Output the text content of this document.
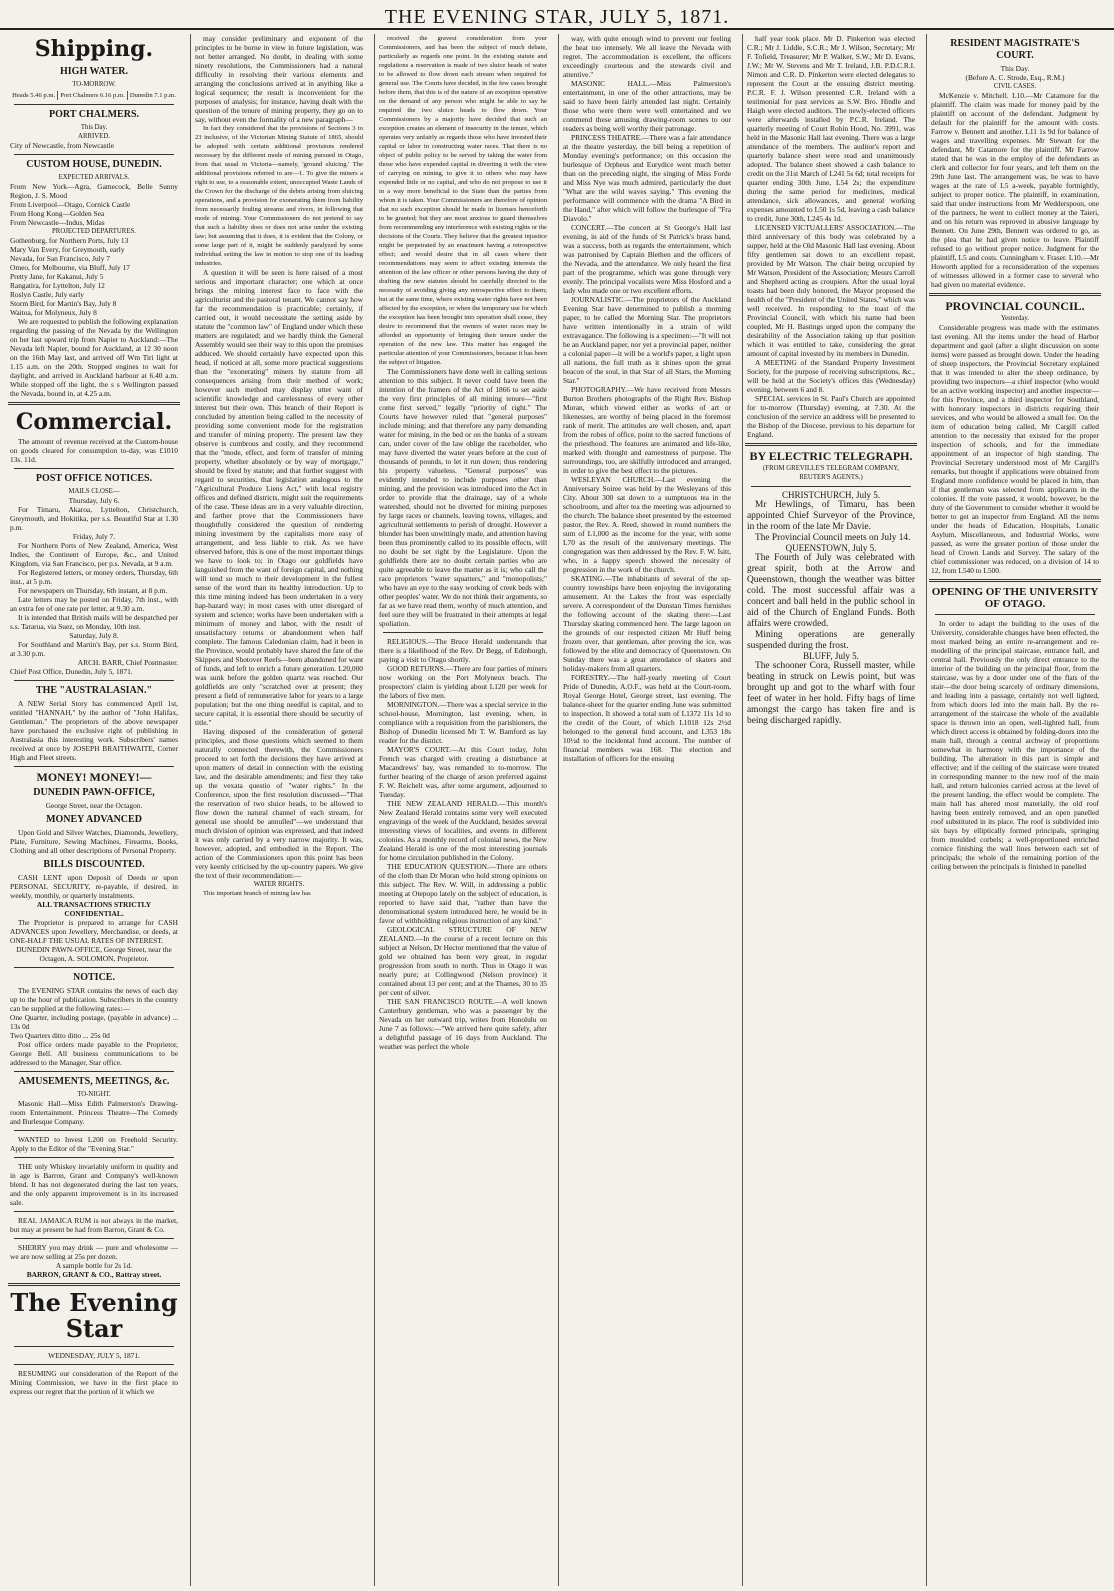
THE EVENING STAR, JULY 5, 1871.
Shipping.
HIGH WATER.
TO-MORROW.
Heads 5.46 p.m. Port Chalmers 6.16 p.m. Dunedin 7.1 p.m.
PORT CHALMERS.
This Day.
ARRIVED.
City of Newcastle, from Newcastle
CUSTOM HOUSE, DUNEDIN.
EXPECTED ARRIVALS.
From New York—Agra, Gamecock, Belle Sunny Region, J. S. Mood
From Liverpool—Otago, Cornick Castle
From Hong Kong—Golden Sea
From Newcastle—Indus, Midas
PROJECTED DEPARTURES.
Gothenburg, for Northern Ports, July 13
Mary Van Every, for Greymouth, early
Nevada, for San Francisco, July 7
Omeo, for Melbourne, via Bluff, July 17
Pretty Jane, for Kakanui, July 5
Rangatira, for Lyttelton, July 12
Roslyn Castle, July early
Storm Bird, for Martin's Bay, July 8
Waitoa, for Molyneux, July 8

We are requested to publish the following explanation regarding the passing of the Nevada by the Wellington on her last upward trip from Napier to Auckland:—The Nevada left Napier, bound for Auckland, at 12 30 noon on the 16th May last, and arrived off Wm Tiri light at 1.15 a.m. on the 20th. Stopped engines to wait for daylight, and arrived in Auckland harbour at 6.40 a.m. While stopped off the light, the s s Wellington passed the Nevada, bound in, at 4.25 a.m.

Commercial.

The amount of revenue received at the Custom-house on goods cleared for consumption to-day, was £1010 13s. 11d.

POST OFFICE NOTICES.
MAILS CLOSE—
Thursday, July 6.

For Timaru, Akaroa, Lyttelton, Christchurch, Greymouth, and Hokitika, per s.s. Beautiful Star at 1.30 p.m.

Friday, July 7.

For Northern Ports of New Zealand, America, West Indies, the Continent of Europe, &c., and United Kingdom, via San Francisco, per p.s. Nevada, at 9 a.m.

For Registered letters, or money orders, Thursday, 6th inst., at 5 p.m.

For newspapers on Thursday, 6th instant, at 8 p.m.

Late letters may be posted on Friday, 7th inst., with an extra fee of one rate per letter, at 9.30 a.m.

It is intended that British mails will be despatched per s.s. Tararua, via Suez, on Monday, 10th inst.

Saturday, July 8.

For Southland and Martin's Bay, per s.s. Storm Bird, at 3.30 p.m.

ARCH. BARR, Chief Postmaster.
Chief Post Office, Dunedin, July 5, 1871.
THE "AUSTRALASIAN."

A NEW Serial Story has commenced April 1st, entitled "HANNAH," by the author of "John Halifax, Gentleman." The proprietors of the above newspaper have purchased the exclusive right of publishing in Australasia this interesting work. Subscribers' names received at once by JOSEPH BRAITHWAITE, Corner High and Fleet streets.

MONEY! MONEY!—
DUNEDIN PAWN-OFFICE,
George Street, near the Octagon.
MONEY ADVANCED

Upon Gold and Silver Watches, Diamonds, Jewellery, Plate, Furniture, Sewing Machines, Firearms, Books, Clothing and all other descriptions of Personal Property.

BILLS DISCOUNTED.

CASH LENT upon Deposit of Deeds or upon PERSONAL SECURITY, re-payable, if desired, in weekly, monthly, or quarterly instalments.

ALL TRANSACTIONS STRICTLY CONFIDENTIAL.

The Proprietor is prepared to arrange for CASH ADVANCES upon Jewellery, Merchandise, or deeds, at ONE-HALF THE USUAL RATES OF INTEREST.

DUNEDIN PAWN-OFFICE, George Street, near the Octagon, A. SOLOMON, Proprietor.
NOTICE.

The EVENING STAR contains the news of each day up to the hour of publication. Subscribers in the country can be supplied at the following rates:—

One Quarter, including postage, (payable in advance) ... 13s 0d
Two Quarters ditto ditto ... 25s 0d

Post office orders made payable to the Proprietor, George Bell. All business communications to be addressed to the Manager, Star office.

AMUSEMENTS, MEETINGS, &c.
TO-NIGHT.

Masonic Hall—Miss Edith Palmerston's Drawing-room Entertainment. Princess Theatre—The Comedy and Burlesque Company.

WANTED to Invest L200 on Freehold Security. Apply to the Editor of the "Evening Star."

THE only Whiskey invariably uniform in quality and in age is Barron, Grant and Company's well-known blend. It has not degenerated during the last ten years, and the only apparent improvement is in its increased sale.

REAL JAMAICA RUM is not always in the market, but may at present be had from Barron, Grant & Co.

SHERRY you may drink — pure and wholesome — we are now selling at 25s per dozen.

A sample bottle for 2s 1d.
BARRON, GRANT & CO., Rattray street.
The Evening Star
WEDNESDAY, JULY 5, 1871.

RESUMING our consideration of the Report of the Mining Commission, we have in the first place to express our regret that the portion of it which we

may consider preliminary and exponent of the principles to be borne in view in future legislation, was not better arranged. No doubt, in dealing with some ninety resolutions, the Commissioners had a natural difficulty in resolving their various elements and arranging the conclusions arrived at in anything like a logical sequence; the result is inconvenient for the purposes of analysis; for instance, having dealt with the question of the tenure of mining property, they go on to say, without even the formality of a new paragraph—

In fact they considered that the provisions of Sections 3 to 23 inclusive, of the Victorian Mining Statute of 1865, should be adopted with certain additional provisions rendered necessary by the different mode of mining pursued in Otago, from that usual in Victoria—namely, 'ground sluicing.' The additional provisions referred to are—1. To give the miners a right to use, to a reasonable extent, unoccupied Waste Lands of the Crown for the discharge of the debris arising from sluicing operations, and a provision for exonerating them from liability from necessarily fouling streams and rivers, in following that mode of mining. Your Commissioners do not pretend to say that such a liability does or does not arise under the existing law; but assuming that it does, it is evident that the Colony, or some large part of it, might be suddenly paralyzed by some individual setting the law in motion to stop one of its leading industries.

A question it will be seen is here raised of a most serious and important character; one which at once brings the mining interest face to face with the agriculturist and the pastoral tenant. We cannot say how far the recommendation is practicable; certainly, if carried out, it would necessitate the setting aside by statute the "common law" of England under which these matters are regulated; and we hardly think the General Assembly would see their way to this upon the premises adduced. We should certainly have expected upon this head, if noticed at all, some more practical suggestions than the "exonerating" miners by statute from all consequences arising from their method of work; however such method may display utter want of scientific knowledge and carelessness of every other interest but their own. This branch of their Report is concluded by attention being called to the necessity of providing some convenient mode for the registration and transfer of mining property. The present law they observe is cumbrous and costly, and they recommend that the "mode, effect, and form of transfer of mining property, whether absolutely or by way of mortgage," should be fixed by statute; and that further suggest with regard to securities, that legislation analogous to the "Agricultural Produce Liens Act," with local registry offices and defined districts, might suit the requirements of the case. These ideas are in a very valuable direction, and farther prove that the Commissioners have thoughtfully considered the question of rendering mining investment by the capitalists more easy of arrangement, and less liable to risk. As we have observed before, this is one of the most important things we have to look to; in Otago our goldfields have languished from the want of foreign capital, and nothing will tend so much to their development in the fullest sense of the word than its healthy introduction. Up to this time mining indeed has been undertaken in a very hap-hazard way; in most cases with utter disregard of system and science; works have been undertaken with a minimum of money and labor, with the result of unsatisfactory returns or abandonment when half complete. The famous Caledonian claim, had it been in the Province, would probably have shared the fate of the Skippers and Shotover Reefs—been abandoned for want of funds, and left to enrich a future generation. L20,000 was sunk before the golden quartz was reached. Our goldfields are only "scratched over at present; they present a field of remunerative labor for years to a large population; but the one thing needful is capital, and to secure capital, it is essential there should be security of title."

Having disposed of the consideration of general principles, and those questions which seemed to them naturally connected therewith, the Commissioners proceed to set forth the decisions they have arrived at upon matters of detail in connection with the existing law, and the desirable amendments; and first they take up the vexata questio of "water rights." In the Conference, upon the first resolution discussed—"That the reservation of two sluice heads, to be allowed to flow down the natural channel of each stream, for general use should be annulled"—we understand that much division of opinion was expressed, and that indeed it was only carried by a very narrow majority. It was, however, adopted, and embodied in the Report. The action of the Commissioners upon this point has been very keenly criticised by the up-country papers. We give the text of their recommendation:—

WATER RIGHTS.

This important branch of mining law has

received the gravest consideration from your Commissioners, and has been the subject of much debate, particularly as regards one point. In the existing statute and regulations a reservation is made of two sluice heads of water to be allowed to flow down each stream when required for general use. The Courts have decided, in the few cases brought before them, that this is of the nature of an exception operative on the demand of any person who might be able to say he required the two sluice heads to flow down. Your Commissioners by a majority have decided that such an exception creates an element of insecurity in the tenure, which operates very unfairly as regards those who have invested their capital or labor in constructing water races. That there is no object of public policy to be served by taking the water from those who have expended capital in diverting it with the view of carrying on mining, to give it to others who may have expended little or no capital, and who do not propose to use it in a way more beneficial to the State than the parties from whom it is taken. Your Commissioners are therefore of opinion that no such exception should be made in licenses henceforth to be granted; but they are most anxious to guard themselves from recommending any interference with existing rights or the decisions of the Courts. They believe that the greatest injustice might be perpetrated by an enactment having a retrospective effect; and would desire that in all cases where their recommendations may seem to affect existing interests the attention of the law officer or other persons having the duty of drafting the new statutes should be carefully directed to the necessity of avoiding giving any retrospective effect to them; but at the same time, where existing water rights have not been affected by the exception, or when the temporary use for which the exception has been brought into operation shall cease, they desire to recommend that the owners of water races may be afforded an opportunity of bringing their tenure under the operation of the new law. This matter has engaged the particular attention of your Commissioners, because it has been the subject of litigation.

The Commissioners have done well in calling serious attention to this subject. It never could have been the intention of the framers of the Act of 1866 to set aside the very first principles of all mining tenure—"first come first served," legally "priority of right." The Courts have however ruled that "general purposes" include mining; and that therefore any party demanding water for mining, in the bed or on the banks of a stream can, under cover of the law oblige the raceholder, who may have diverted the water years before at the cost of thousands of pounds, to let it run down; thus rendering his property valueless. "General purposes" was evidently intended to include purposes other than mining, and the provision was introduced into the Act in order to provide that the drainage, say of a whole watershed, should not be diverted for mining purposes by large races or channels, leaving towns, villages, and agricultural settlements to perish of drought. However a blunder has been unwittingly made, and attention having been thus prominently called to its possible effects, will no doubt be set right by the Legislature. Upon the goldfields there are no doubt certain parties who are quite agreeable to leave the matter as it is; who call the race proprietors "water squatters," and "monopolists;" who have an eye to the easy working of creek beds with other peoples' water. We do not think their arguments, so far as we have read them, worthy of much attention, and feel sure they will be frustrated in their attempts at legal spoliation.

RELIGIOUS.—The Bruce Herald understands that there is a likelihood of the Rev. Dr Begg, of Edinburgh, paying a visit to Otago shortly.

GOOD RETURNS.—There are four parties of miners now working on the Port Molyneux beach. The prospectors' claim is yielding about L120 per week for the labors of five men.

MORNINGTON.—There was a special service in the school-house, Mornington, last evening, when, in compliance with a requisition from the parishioners, the Bishop of Dunedin licensed Mr T. W. Bamford as lay reader for the district.

MAYOR'S COURT.—At this Court today, John French was charged with creating a disturbance at Macandrews' bay, was remanded to to-morrow. The further hearing of the charge of arson preferred against F. W. Reichelt was, after some argument, adjourned to Tuesday.

THE NEW ZEALAND HERALD.—This month's New Zealand Herald contains some very well executed engravings of the week of the Auckland, besides several interesting views of localities, and events in different colonies. As a monthly record of colonial news, the New Zealand Herald is one of the most interesting journals for home circulation published in the Colony.

THE EDUCATION QUESTION.—There are others of the cloth than Dr Moran who hold strong opinions on this subject. The Rev. W. Will, in addressing a public meeting at Otepopo lately on the subject of education, is reported to have said that, "rather than have the denominational system introduced here, he would be in favor of withholding religious instruction of any kind."

GEOLOGICAL STRUCTURE OF NEW ZEALAND.—In the course of a recent lecture on this subject at Nelson, Dr Hector mentioned that the value of gold we obtained has been very great, in regular progression from south to north. Thus in Otago it was nearly pure; at Collingwood (Nelson province) it contained about 13 per cent; and at the Thames, 30 to 35 per cent of silver.

THE SAN FRANCISCO ROUTE.—A well known Canterbury gentleman, who was a passenger by the Nevada on her outward trip, writes from Honolulu on June 7 as follows:—"We arrived here quite safely, after a delightful passage of 16 days from Auckland. The weather was perfect the whole

way, with quite enough wind to prevent our feeling the heat too intensely. We all leave the Nevada with regret. The accommodation is excellent, the officers exceedingly courteous and the stewards civil and attentive."

MASONIC HALL.—Miss Palmerston's entertainment, in one of the other attractions, may be said to have been fairly attended last night. Certainly those who were there were well entertained and we commend these amusing drawing-room scenes to our readers as being well worthy their patronage.

PRINCESS THEATRE.—There was a fair attendance at the theatre yesterday, the bill being a repetition of Monday evening's performance; on this occasion the burlesque of Orpheus and Eurydice went much better than on the preceding night, the singing of Miss Forde and Miss Nye was much admired, particularly the duet "What are the wild waves saying." This evening the performance will commence with the drama "A Bird in the Hand," after which will follow the burlesque of "Fra Diavolo."

CONCERT.—The concert at St George's Hall last evening, in aid of the funds of St Patrick's brass band, was a success, both as regards the entertainment, which was patronised by Captain Blethen and the officers of the Nevada, and the attendance. We only heard the first part of the programme, which was gone through very evenly. The principal vocalists were Miss Hosford and a lady who made one or two excellent efforts.

JOURNALISTIC.—The proprietors of the Auckland Evening Star have determined to publish a morning paper, to be called the Morning Star. The proprietors have written intentionally in a strain of wild extravagance. The following is a specimen:—"It will not be an Auckland paper, nor yet a provincial paper, neither a colonial paper—it will be a world's paper, a light upon all nations, the full truth as it shines upon the great beacon of the soul, in that Star of all Stars, the Morning Star."

PHOTOGRAPHY.—We have received from Messrs Burton Brothers photographs of the Right Rev. Bishop Moran, which viewed either as works of art or likenesses, are worthy of being placed in the foremost rank of merit. The attitudes are well chosen, and, apart from the robes of office, point to the sacred functions of the priesthood. The features are animated and life-like, marked with thought and earnestness of purpose. The surroundings, too, are skilfully introduced and arranged, in order to give the best effect to the pictures.

WESLEYAN CHURCH.—Last evening the Anniversary Soiree was held by the Wesleyans of this City. About 300 sat down to a sumptuous tea in the schoolroom, and after tea the meeting was adjourned to the church. The balance sheet presented by the esteemed pastor, the Rev. A. Reed, showed in round numbers the sum of L1,000 as the income for the year, with some L70 as the result of the anniversary meetings. The congregation was then addressed by the Rev. F. W. Isitt, who, in a happy speech showed the necessity of progression in the work of the church.

SKATING.—The inhabitants of several of the up-country townships have been enjoying the invigorating amusement. At the Lakes the frost was especially severe. A correspondent of the Dunstan Times furnishes the following account of the skating there:—Last Thursday skating commenced here. The large lagoon on the grounds of our respected citizen Mr Huff being frozen over, that gentleman, after proving the ice, was followed by the elite and democracy of Queenstown. On Sunday there was a great attendance of skaters and holiday-makers from all quarters.

FORESTRY.—The half-yearly meeting of Court Pride of Dunedin, A.O.F., was held at the Court-room, Royal George Hotel, George street, last evening. The balance-sheet for the quarter ending June was submitted to inspection. It showed a total sum of L1372 11s 1d to the credit of the Court, of which L1018 12s 2½d belonged to the general fund account, and L353 18s 10½d to the incidental fund account. The number of financial members was 168. The election and installation of officers for the ensuing

half year took place. Mr D. Pinkerton was elected C.R.; Mr J. Liddle, S.C.R.; Mr J. Wilson, Secretary; Mr F. Tofield, Treasurer; Mr P. Walker, S.W.; Mr D. Evans, J.W.; Mr W. Stevens and Mr T. Ireland, J.B. P.D.C.R.I. Nimon and C.R. D. Pinkerton were elected delegates to represent the Court at the ensuing district meeting. P.C.R. F. J. Wilson presented C.R. Ireland with a testimonial for past services as S.W. Bro. Hindle and Haigh were elected auditors. The newly-elected officers were afterwards installed by P.C.R. Ireland. The quarterly meeting of Court Robin Hood, No. 3991, was held in the Masonic Hall last evening. There was a large attendance of the members. The auditor's report and quarterly balance sheet were read and unanimously adopted. The balance sheet showed a cash balance to credit on the 31st March of L241 5s 6d; total receipts for quarter ending 30th June, L54 2s; the expenditure during the same period for medicines, medical attendance, sick allowances, and general working expenses amounted to L50 1s 5d, leaving a cash balance to credit, June 30th, L245 4s 1d.

LICENSED VICTUALLERS' ASSOCIATION.—The third anniversary of this body was celebrated by a supper, held at the Old Masonic Hall last evening. About fifty gentlemen sat down to an excellent repast, provided by Mr Watson. The chair being occupied by Mr Watson, President of the Association; Messrs Carroll and Shepherd acting as croupiers. After the usual loyal toasts had been duly honored, the Mayor proposed the health of the "President of the United States," which was well received. In responding to the toast of the Provincial Council, with which his name had been coupled, Mr H. Bastings urged upon the company the desirability of the Association taking up that position which it was entitled to take, considering the great amount of capital invested by its members in Dunedin.

A MEETING of the Standard Property Investment Society, for the purpose of receiving subscriptions, &c., will be held at the Society's offices this (Wednesday) evening, between 6 and 8.

SPECIAL services in St. Paul's Church are appointed for to-morrow (Thursday) evening, at 7.30. At the conclusion of the service an address will be presented to the Bishop of the Diocese, previous to his departure for England.

BY ELECTRIC TELEGRAPH.
(FROM GREVILLE'S TELEGRAM COMPANY, REUTER'S AGENTS.)
CHRISTCHURCH, July 5.

Mr Hewlings, of Timaru, has been appointed Chief Surveyor of the Province, in the room of the late Mr Davie.

The Provincial Council meets on July 14.

QUEENSTOWN, July 5.

The Fourth of July was celebrated with great spirit, both at the Arrow and Queenstown, though the weather was bitter cold. The most successful affair was a concert and ball held in the public school in aid of the Church of England Funds. Both affairs were crowded.

Mining operations are generally suspended during the frost.

BLUFF, July 5.

The schooner Cora, Russell master, while beating in struck on Lewis point, but was brought up and got to the wharf with four feet of water in her hold. Fifty bags of lime amongst the cargo has taken fire and is being discharged rapidly.

RESIDENT MAGISTRATE'S COURT.
This Day.
(Before A. C. Strode, Esq., R.M.)
CIVIL CASES.

McKenzie v. Mitchell. L10.—Mr Catamore for the plaintiff. The claim was made for money paid by the plaintiff on account of the defendant. Judgment by default for the plaintiff for the amount with costs. Farrow v. Bennett and another. L11 1s 9d for balance of wages and travelling expenses. Mr Stewart for the defendant, Mr Catamore for the plaintiff. Mr Farrow stated that he was in the employ of the defendants as clerk and collector for four years, and left them on the 29th June last. The arrangement was, he was to have wages at the rate of L5 a-week, payable fortnightly, subject to proper notice. The plaintiff, in examination, said that under instructions from Mr Wedderspoon, one of the partners, he went to collect money at the Taieri, and on his return was reproved in abusive language by Bennett. On June 29th, Bennett was ordered to go, as the plea that he had given notice to leave. Plaintiff refused to go without proper notice. Judgment for the plaintiff, L5 and costs. Cunningham v. Fraser. L10.—Mr Howorth applied for a reconsideration of the expenses of witnesses allowed in a former case to several who had given no material evidence.

PROVINCIAL COUNCIL.
Yesterday.

Considerable progress was made with the estimates last evening. All the items under the head of Harbor department and gaol (after a slight discussion on some items) were passed as brought down. Under the heading of sheep inspectors, the Provincial Secretary explained that it was intended to alter the sheep ordinance, by providing two inspectors—a chief inspector (who would be an active working inspector) and another inspector—for this Province, and a third inspector for Southland, with honorary inspectors in districts requiring their services, and who would be allowed a small fee. On the item of education being called, Mr Cargill called attention to the necessity that existed for the proper inspection of schools, and for the immediate appointment of an inspector of high standing. The Provincial Secretary understood most of Mr Cargill's remarks, but thought if applications were obtained from England more confidence would be placed in him, than if that gentleman was selected from applicants in the colonies. If the vote passed, it would, however, be the duty of the Government to consider whether it would be better to get an inspector from England. All the items under the heads of Education, Hospitals, Lunatic Asylum, Miscellaneous, and Industrial Works, were passed, as were the greater portion of those under the head of Crown Lands and Survey. The salary of the chief commissioner was reduced, on a division of 14 to 12, from L540 to L500.

OPENING OF THE UNIVERSITY OF OTAGO.

In order to adapt the building to the uses of the University, considerable changes have been effected, the most marked being an entire re-arrangement and re-modelling of the principal staircase, entrance hall, and central hall. Previously the only direct entrance to the interior of the building on the principal floor, from the staircase, was by a door under one of the flats of the stair—the door being scarcely of ordinary dimensions, and leading into a passage, certainly not well lighted, from which doors led into the main hall. By the re-arrangement of the staircase the whole of the available space is thrown into an open, well-lighted hall, from which direct access is obtained by folding-doors into the main hall, through a central archway of proportions somewhat in harmony with the importance of the building. The alteration in this part is simple and effective; and if the ceiling of the staircase were treated in corresponding manner to the new roof of the main hall, and return balconies carried across at the level of the present landing, the effect would be complete. The main hall has altered most materially, the old roof having been entirely removed, and an open panelled roof substituted in its place. The roof is subdivided into six bays by elliptically formed principals, springing from moulded corbels; a well-proportioned enriched cornice finishing the wall lines between each set of principals; the whole of the remaining portion of the ceiling between the principals is finished in panelled
